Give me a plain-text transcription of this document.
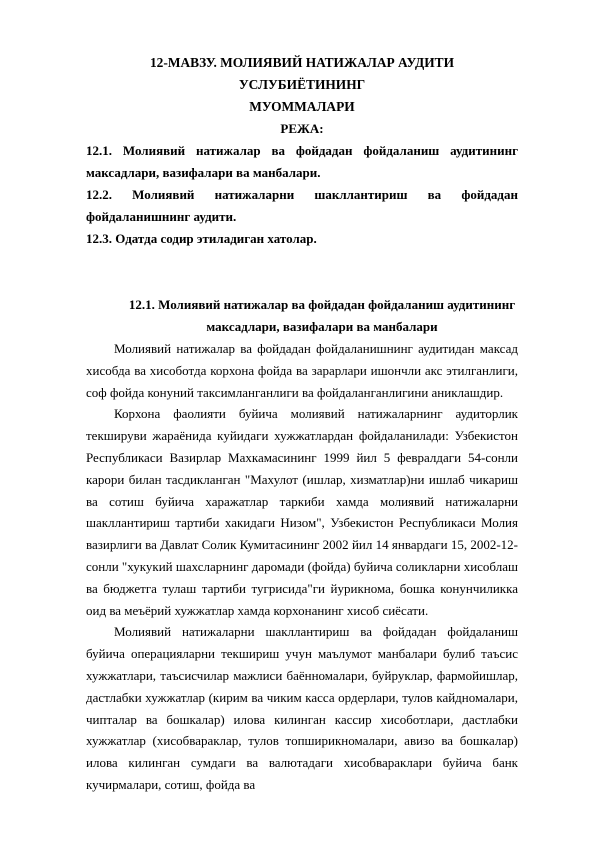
12-МАВЗУ. МОЛИЯВИЙ НАТИЖАЛАР АУДИТИ УСЛУБИЁТИНИНГ

МУОММАЛАРИ

РЕЖА:

12.1. Молиявий натижалар ва фойдадан фойдаланиш аудитининг максадлари, вазифалари ва манбалари.

12.2. Молиявий натижаларни шакллантириш ва фойдадан фойдаланишнинг аудити.

12.3. Одатда содир этиладиган хатолар.

12.1. Молиявий натижалар ва фойдадан фойдаланиш аудитининг

максадлари, вазифалари ва манбалари

Молиявий натижалар ва фойдадан фойдаланишнинг аудитидан максад хисобда ва хисоботда корхона фойда ва зарарлари ишончли акс этилганлиги, соф фойда конуний таксимланганлиги ва фойдаланганлигини аниклашдир.

Корхона фаолияти буйича молиявий натижаларнинг аудиторлик текшируви жараёнида куйидаги хужжатлардан фойдаланилади: Узбекистон Республикаси Вазирлар Махкамасининг 1999 йил 5 февралдаги 54-сонли карори билан тасдикланган "Махулот (ишлар, хизматлар)ни ишлаб чикариш ва сотиш буйича харажатлар таркиби хамда молиявий натижаларни шакллантириш тартиби хакидаги Низом", Узбекистон Республикаси Молия вазирлиги ва Давлат Солик Кумитасининг 2002 йил 14 январдаги 15, 2002-12-сонли "хукукий шахсларнинг даромади (фойда) буйича соликларни хисоблаш ва бюджетга тулаш тартиби тугрисида"ги йурикнома, бошка конунчиликка оид ва меъёрий хужжатлар хамда корхонанинг хисоб сиёсати.

Молиявий натижаларни шакллантириш ва фойдадан фойдаланиш буйича операцияларни текшириш учун маълумот манбалари булиб таъсис хужжатлари, таъсисчилар мажлиси баённомалари, буйруклар, фармойишлар, дастлабки хужжатлар (кирим ва чиким касса ордерлари, тулов кайдномалари, чипталар ва бошкалар) илова килинган кассир хисоботлари, дастлабки хужжатлар (хисобвараклар, тулов топширикномалари, авизо ва бошкалар) илова килинган сумдаги ва валютадаги хисобвараклари буйича банк кучирмалари, сотиш, фойда ва
